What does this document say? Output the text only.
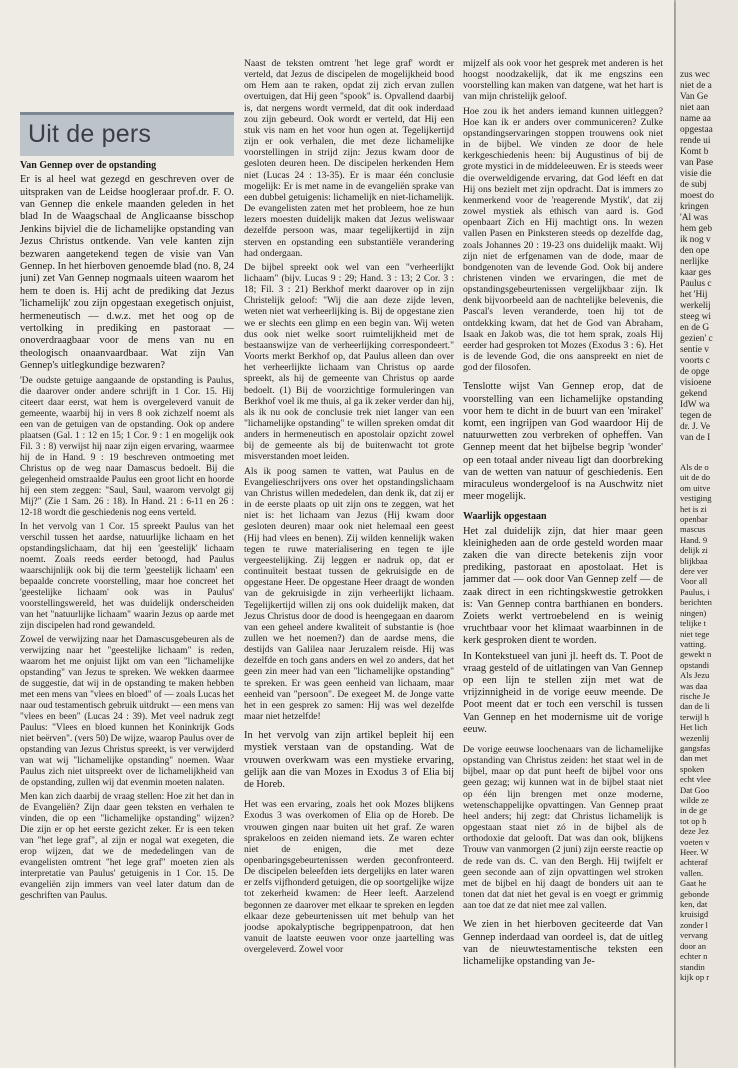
Uit de pers

Van Gennep over de opstanding

Er is al heel wat gezegd en geschreven over de uitspraken van de Leidse hoogleraar prof.dr. F. O. van Gennep die enkele maanden geleden in het blad In de Waagschaal de Anglicaanse bisschop Jenkins bijviel die de lichamelijke opstanding van Jezus Christus ontkende. Van vele kanten zijn bezwaren aangetekend tegen de visie van Van Gennep. In het hierboven genoemde blad (no. 8, 24 juni) zet Van Gennep nogmaals uiteen waarom het hem te doen is. Hij acht de prediking dat Jezus 'lichamelijk' zou zijn opgestaan exegetisch onjuist, hermeneutisch — d.w.z. met het oog op de vertolking in prediking en pastoraat — onoverdraagbaar voor de mens van nu en theologisch onaanvaardbaar. Wat zijn Van Gennep's uitlegkundige bezwaren?

'De oudste getuige aangaande de opstanding is Paulus, die daarover onder andere schrijft in 1 Cor. 15. Hij citeert daar eerst, wat hem is overgeleverd vanuit de gemeente, waarbij hij in vers 8 ook zichzelf noemt als een van de getuigen van de opstanding. Ook op andere plaatsen (Gal. 1 : 12 en 15; 1 Cor. 9 : 1 en mogelijk ook Fil. 3 : 8) verwijst hij naar zijn eigen ervaring, waarmee hij de in Hand. 9 : 19 beschreven ontmoeting met Christus op de weg naar Damascus bedoelt. Bij die gelegenheid omstraalde Paulus een groot licht en hoorde hij een stem zeggen: "Saul, Saul, waarom vervolgt gij Mij?" (Zie 1 Sam. 26 : 18). In Hand. 21 : 6-11 en 26 : 12-18 wordt die geschiedenis nog eens verteld.

In het vervolg van 1 Cor. 15 spreekt Paulus van het verschil tussen het aardse, natuurlijke lichaam en het opstandingslichaam, dat hij een 'geestelijk' lichaam noemt. Zoals reeds eerder betoogd, had Paulus waarschijnlijk ook bij die term 'geestelijk lichaam' een bepaalde concrete voorstelling, maar hoe concreet het 'geestelijke lichaam' ook was in Paulus' voorstellingswereld, het was duidelijk onderscheiden van het "natuurlijke lichaam" waarin Jezus op aarde met zijn discipelen had rond gewandeld.

Zowel de verwijzing naar het Damascusgebeuren als de verwijzing naar het "geestelijke lichaam" is reden, waarom het me onjuist lijkt om van een "lichamelijke opstanding" van Jezus te spreken. We wekken daarmee de suggestie, dat wij in de opstanding te maken hebben met een mens van "vlees en bloed" of — zoals Lucas het naar oud testamentisch gebruik uitdrukt — een mens van "vlees en been" (Lucas 24 : 39). Met veel nadruk zegt Paulus: "Vlees en bloed kunnen het Koninkrijk Gods niet beërven". (vers 50) De wijze, waarop Paulus over de opstanding van Jezus Christus spreekt, is ver verwijderd van wat wij "lichamelijke opstanding" noemen. Waar Paulus zich niet uitspreekt over de lichamelijkheid van de opstanding, zullen wij dat evenmin moeten nalaten.

Men kan zich daarbij de vraag stellen: Hoe zit het dan in de Evangeliën? Zijn daar geen teksten en verhalen te vinden, die op een "lichamelijke opstanding" wijzen? Die zijn er op het eerste gezicht zeker. Er is een teken van "het lege graf", al zijn er nogal wat exegeten, die erop wijzen, dat we de mededelingen van de evangelisten omtrent "het lege graf" moeten zien als interpretatie van Paulus' getuigenis in 1 Cor. 15. De evangeliën zijn immers van veel later datum dan de geschriften van Paulus.

Naast de teksten omtrent 'het lege graf' wordt er verteld, dat Jezus de discipelen de mogelijkheid bood om Hem aan te raken, opdat zij zich ervan zullen overtuigen, dat Hij geen "spook" is. Opvallend daarbij is, dat nergens wordt vermeld, dat dit ook inderdaad zou zijn gebeurd. Ook wordt er verteld, dat Hij een stuk vis nam en het voor hun ogen at. Tegelijkertijd zijn er ook verhalen, die met deze lichamelijke voorstellingen in strijd zijn: Jezus kwam door de gesloten deuren heen. De discipelen herkenden Hem niet (Lucas 24 : 13-35). Er is maar één conclusie mogelijk: Er is met name in de evangeliën sprake van een dubbel getuigenis: lichamelijk en niet-lichamelijk. De evangelisten zaten met het probleem, hoe ze hun lezers moesten duidelijk maken dat Jezus weliswaar dezelfde persoon was, maar tegelijkertijd in zijn sterven en opstanding een substantiële verandering had ondergaan.

De bijbel spreekt ook wel van een "verheerlijkt lichaam" (bijv. Lucas 9 : 29; Hand. 3 : 13; 2 Cor. 3 : 18; Fil. 3 : 21) Berkhof merkt daarover op in zijn Christelijk geloof: "Wij die aan deze zijde leven, weten niet wat verheerlijking is. Bij de opgestane zien we er slechts een glimp en een begin van. Wij weten dus ook niet welke soort ruimtelijkheid met de bestaanswijze van de verheerlijking correspondeert." Voorts merkt Berkhof op, dat Paulus alleen dan over het verheerlijkte lichaam van Christus op aarde spreekt, als hij de gemeente van Christus op aarde bedoelt. (1) Bij de voorzichtige formuleringen van Berkhof voel ik me thuis, al ga ik zeker verder dan hij, als ik nu ook de conclusie trek niet langer van een "lichamelijke opstanding" te willen spreken omdat dit anders in hermeneutisch en apostolair opzicht zowel bij de gemeente als bij de buitenwacht tot grote misverstanden moet leiden.

Als ik poog samen te vatten, wat Paulus en de Evangelieschrijvers ons over het opstandingslichaam van Christus willen mededelen, dan denk ik, dat zij er in de eerste plaats op uit zijn ons te zeggen, wat het niet is: het lichaam van Jezus (Hij kwam door gesloten deuren) maar ook niet helemaal een geest (Hij had vlees en benen). Zij wilden kennelijk waken tegen te ruwe materialisering en tegen te ijle vergeestelijking. Zij leggen er nadruk op, dat er continuïteit bestaat tussen de gekruisigde en de opgestane Heer. De opgestane Heer draagt de wonden van de gekruisigde in zijn verheerlijkt lichaam. Tegelijkertijd willen zij ons ook duidelijk maken, dat Jezus Christus door de dood is heengegaan en daarom van een geheel andere kwaliteit of substantie is (hoe zullen we het noemen?) dan de aardse mens, die destijds van Galilea naar Jeruzalem reisde. Hij was dezelfde en toch gans anders en wel zo anders, dat het geen zin meer had van een "lichamelijke opstanding" te spreken. Er was geen eenheid van lichaam, maar eenheid van "persoon". De exegeet M. de Jonge vatte het in een gesprek zo samen: Hij was wel dezelfde maar niet hetzelfde!

In het vervolg van zijn artikel bepleit hij een mystiek verstaan van de opstanding. Wat de vrouwen overkwam was een mystieke ervaring, gelijk aan die van Mozes in Exodus 3 of Elia bij de Horeb.

Het was een ervaring, zoals het ook Mozes blijkens Exodus 3 was overkomen of Elia op de Horeb. De vrouwen gingen naar buiten uit het graf. Ze waren sprakeloos en zeiden niemand iets. Ze waren echter niet de enigen, die met deze openbaringsgebeurtenissen werden geconfronteerd. De discipelen beleefden iets dergelijks en later waren er zelfs vijfhonderd getuigen, die op soortgelijke wijze tot zekerheid kwamen: de Heer leeft. Aarzelend begonnen ze daarover met elkaar te spreken en legden elkaar deze gebeurtenissen uit met behulp van het joodse apokalyptische begrippenpatroon, dat hen vanuit de laatste eeuwen voor onze jaartelling was overgeleverd. Zowel voor

mijzelf als ook voor het gesprek met anderen is het hoogst noodzakelijk, dat ik me engszins een voorstelling kan maken van datgene, wat het hart is van mijn christelijk geloof.

Hoe zou ik het anders iemand kunnen uitleggen? Hoe kan ik er anders over communiceren? Zulke opstandingservaringen stoppen trouwens ook niet in de bijbel. We vinden ze door de hele kerkgeschiedenis heen: bij Augustinus of bij de grote mystici in de middeleeuwen. Er is steeds weer die overweldigende ervaring, dat God léeft en dat Hij ons bezielt met zijn opdracht. Dat is immers zo kenmerkend voor de 'reagerende Mystik', dat zij zowel mystiek als ethisch van aard is. God openbaart Zich en Hij machtigt ons. In wezen vallen Pasen en Pinksteren steeds op dezelfde dag, zoals Johannes 20 : 19-23 ons duidelijk maakt. Wij zijn niet de erfgenamen van de dode, maar de bondgenoten van de levende God. Ook bij andere christenen vinden we ervaringen, die met de opstandingsgebeurtenissen vergelijkbaar zijn. Ik denk bijvoorbeeld aan de nachtelijke belevenis, die Pascal's leven veranderde, toen hij tot de ontdekking kwam, dat het de God van Abraham, Isaak en Jakob was, die tot hem sprak, zoals Hij eerder had gesproken tot Mozes (Exodus 3 : 6). Het is de levende God, die ons aanspreekt en niet de god der filosofen.

Tenslotte wijst Van Gennep erop, dat de voorstelling van een lichamelijke opstanding voor hem te dicht in de buurt van een 'mirakel' komt, een ingrijpen van God waardoor Hij de natuurwetten zou verbreken of opheffen. Van Gennep meent dat het bijbelse begrip 'wonder' op een totaal ander niveau ligt dan doorbreking van de wetten van natuur of geschiedenis. Een miraculeus wondergeloof is na Auschwitz niet meer mogelijk.

Waarlijk opgestaan

Het zal duidelijk zijn, dat hier maar geen kleinigheden aan de orde gesteld worden maar zaken die van directe betekenis zijn voor prediking, pastoraat en apostolaat. Het is jammer dat — ook door Van Gennep zelf — de zaak direct in een richtingskwestie getrokken is: Van Gennep contra barthianen en bonders. Zoiets werkt vertroebelend en is weinig vruchtbaar voor het klimaat waarbinnen in de kerk gesproken dient te worden.

In Kontekstueel van juni jl. heeft ds. T. Poot de vraag gesteld of de uitlatingen van Van Gennep op een lijn te stellen zijn met wat de vrijzinnigheid in de vorige eeuw meende. De Poot meent dat er toch een verschil is tussen Van Gennep en het modernisme uit de vorige eeuw.

De vorige eeuwse loochenaars van de lichamelijke opstanding van Christus zeiden: het staat wel in de bijbel, maar op dat punt heeft de bijbel voor ons geen gezag; wij kunnen wat in de bijbel staat niet op één lijn brengen met onze moderne, wetenschappelijke opvattingen. Van Gennep praat heel anders; hij zegt: dat Christus lichamelijk is opgestaan staat niet zó in de bijbel als de orthodoxie dat gelooft. Dat was dan ook, blijkens Trouw van vanmorgen (2 juni) zijn eerste reactie op de rede van ds. C. van den Bergh. Hij twijfelt er geen seconde aan of zijn opvattingen wel stroken met de bijbel en hij daagt de bonders uit aan te tonen dat dat niet het geval is en voegt er grimmig aan toe dat ze dat niet mee zal vallen.

We zien in het hierboven geciteerde dat Van Gennep inderdaad van oordeel is, dat de uitleg van de nieuwtestamentische teksten een lichamelijke opstanding van Je-

zus wec

niet de a

Van Ge

niet aan

name aa

opgestaa

rende ui

Komt b

van Pase

visie die

de subj

moest do

kringen

'Al was

hem geb

ik nog v

den ope

nerlijke

kaar ges

Paulus c

het 'Hij

werkelij

steeg wi

en de G

gezien' c

sentie v

voorts c

de opge

visioene

gekend

IdW wa

tegen de

dr. J. Ve

van de I

Als de o

uit de do

om uitve

vestiging

het is zi

openbar

mascus

Hand. 9

delijk zi

blijkbaa

dere ver

Voor all

Paulus, i

berichten

ningen)

telijke t

niet tege

vatting.

gewekt n

opstandi

Als Jezu

was daa

rische Je

dan de li

terwijl h

Het lich

wezenlij

gangsfas

dan met

spoken

echt vlee

Dat Goo

wilde ze

in de ge

tot op h

deze Jez

voeten v

Heer. W

achteraf

vallen.

Gaat he

gebonde

ken, dat

kruisigd

zonder l

vervang

door an

echter n

standin

kijk op r
